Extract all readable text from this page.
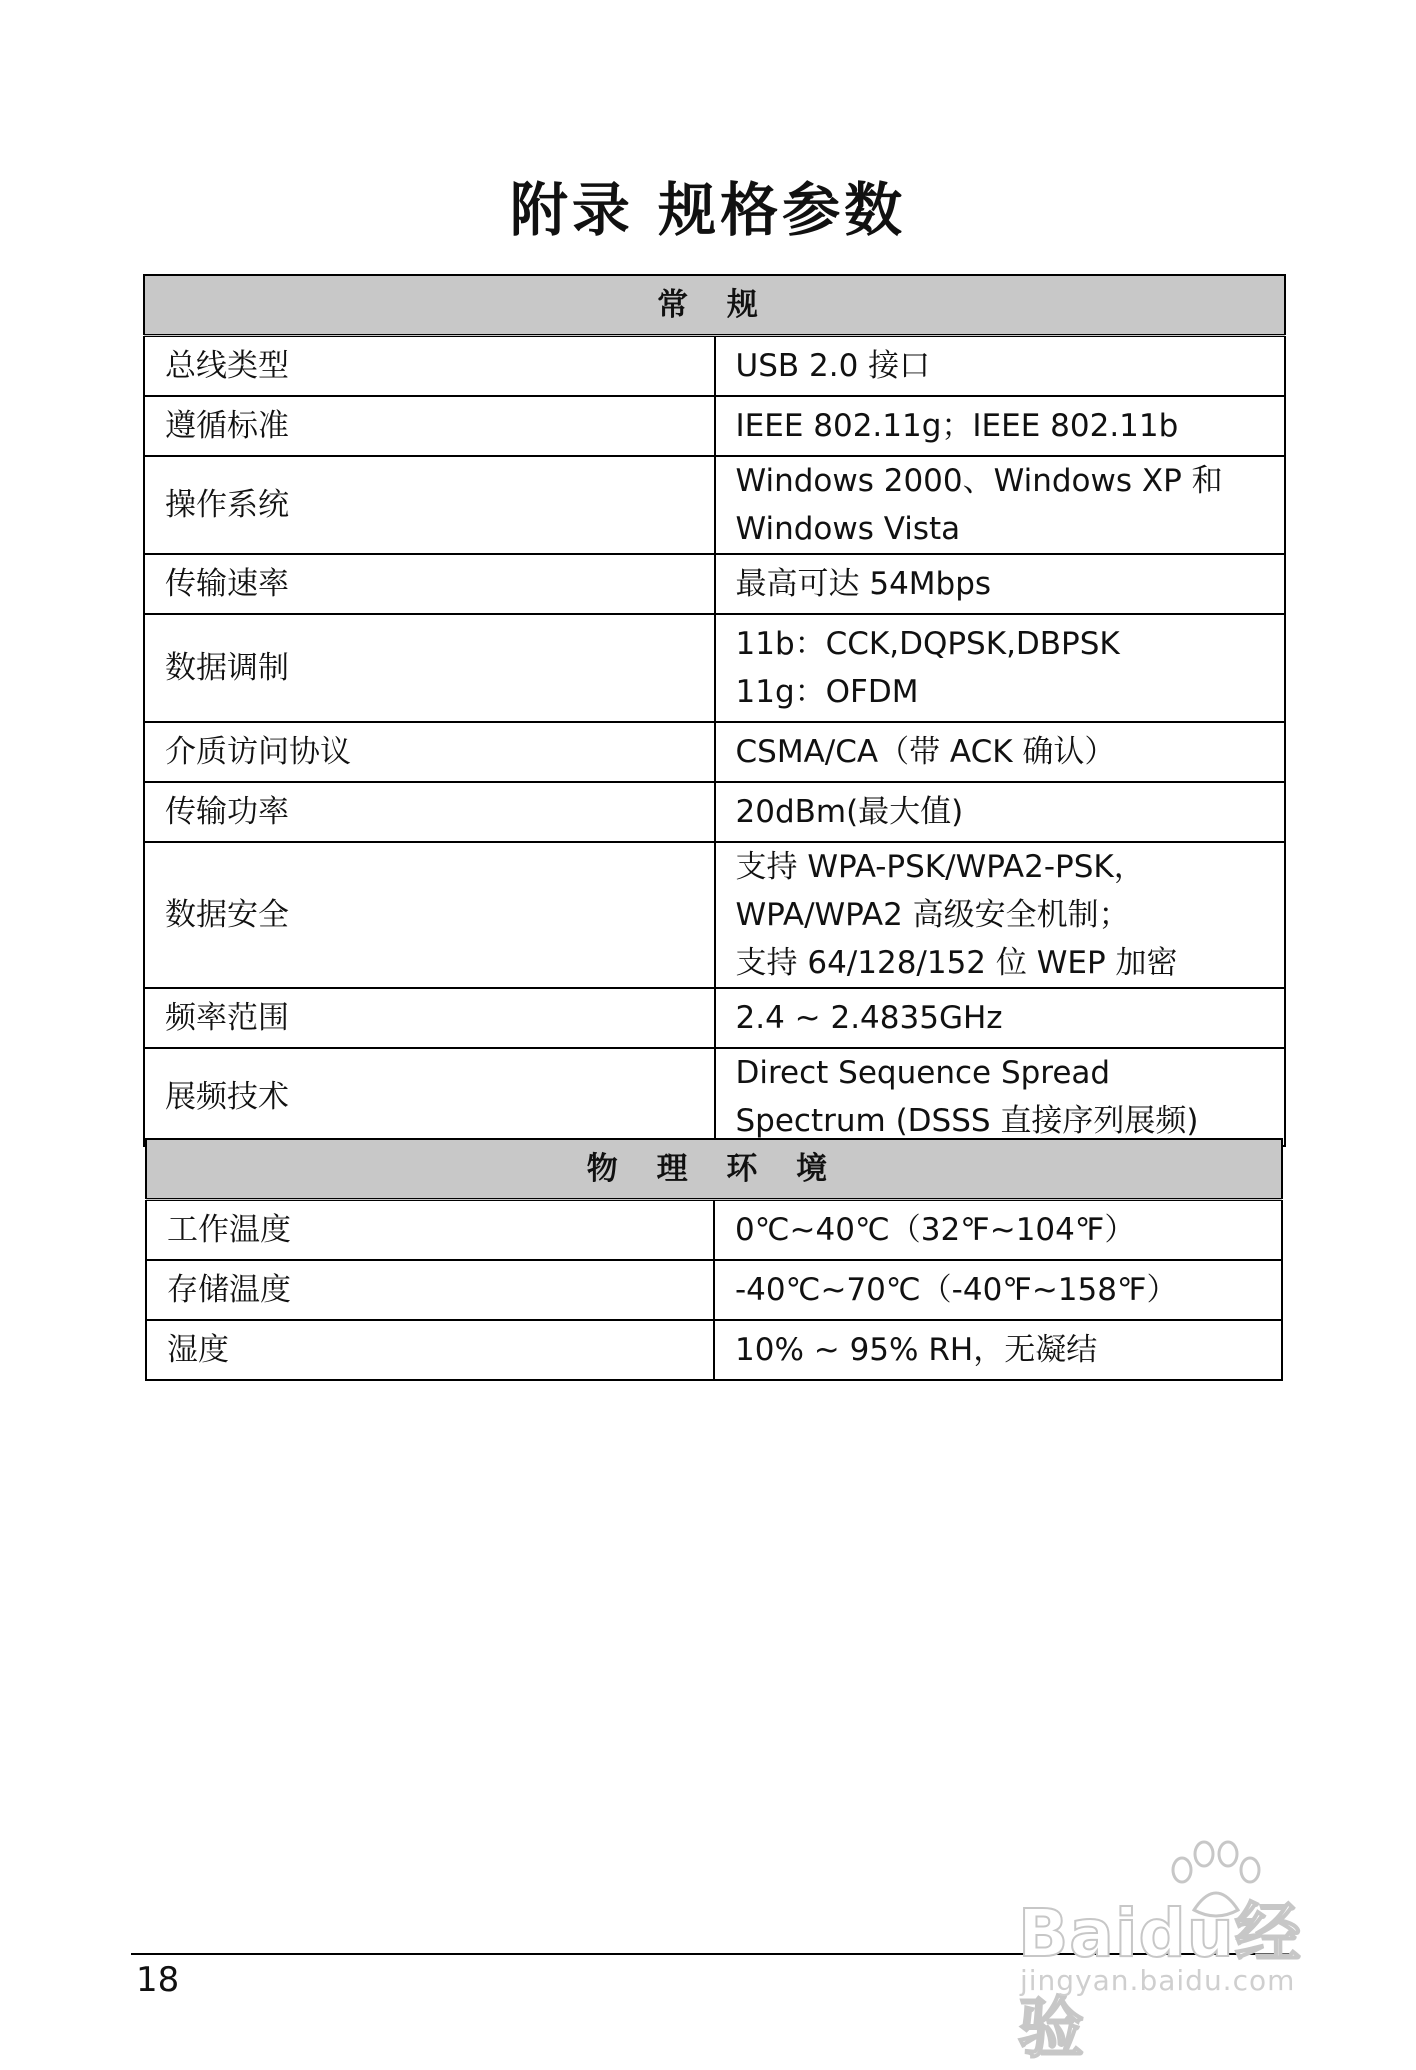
附录 规格参数
常 规	
总线类型	USB 2.0 接口

遵循标准	IEEE 802.11g；IEEE 802.11b

操作系统	Windows 2000、Windows XP 和 Windows Vista

传输速率	最高可达 54Mbps

数据调制	11b：CCK,DQPSK,DBPSK
11g：OFDM

介质访问协议	CSMA/CA（带 ACK 确认）

传输功率	20dBm(最大值)

数据安全	支持 WPA-PSK/WPA2-PSK，WPA/WPA2 高级安全机制；
支持 64/128/152 位 WEP 加密

频率范围	2.4 ~ 2.4835GHz

展频技术	Direct Sequence Spread Spectrum (DSSS 直接序列展频)
物 理 环 境	
工作温度	0℃~40℃（32℉~104℉）

存储温度	-40℃~70℃（-40℉~158℉）

湿度	10% ~ 95% RH，无凝结
18
Baidu经验
jingyan.baidu.com
